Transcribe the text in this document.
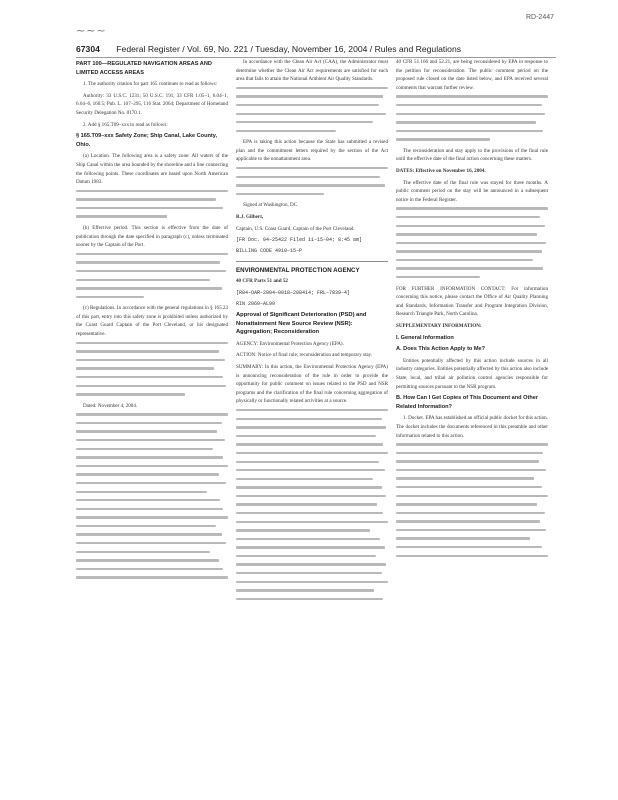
RD-2447
~~~
67304 Federal Register / Vol. 69, No. 221 / Tuesday, November 16, 2004 / Rules and Regulations
PART 100—REGULATED NAVIGATION AREAS AND LIMITED ACCESS AREAS

1. The authority citation for part 165 continues to read as follows:

Authority: 33 U.S.C. 1231; 50 U.S.C. 191, 33 CFR 1.05–1, 6.04–1, 6.04–6, 160.5; Pub. L. 107–295, 116 Stat. 2064; Department of Homeland Security Delegation No. 0170.1.

2. Add § 165.T09–xxx to read as follows:

§ 165.T09–xxx Safety Zone; Ship Canal, Lake County, Ohio.

(a) Location. The following area is a safety zone: All waters of the Ship Canal within the area bounded by the shoreline and a line connecting the following points. These coordinates are based upon North American Datum 1983.

(b) Effective period. This section is effective from the date of publication through the date specified in paragraph (c), unless terminated sooner by the Captain of the Port.

(c) Regulations. In accordance with the general regulations in § 165.23 of this part, entry into this safety zone is prohibited unless authorized by the Coast Guard Captain of the Port Cleveland, or his designated representative.

Dated: November 4, 2004.

In accordance with the Clean Air Act (CAA), the Administrator must determine whether the Clean Air Act requirements are satisfied for each area that fails to attain the National Ambient Air Quality Standards.

EPA is taking this action because the State has submitted a revised plan and the commitment letters required by the section of the Act applicable to the nonattainment area.

Signed at Washington, DC.

R.J. Gilbert,

Captain, U.S. Coast Guard, Captain of the Port Cleveland.

[FR Doc. 04–25422 Filed 11–15–04; 8:45 am]

BILLING CODE 4910–15–P

ENVIRONMENTAL PROTECTION AGENCY

40 CFR Parts 51 and 52

[R04–OAR–2004–0018–200414; FRL–7839–4]

RIN 2060–AL99

Approval of Significant Deterioration (PSD) and Nonattainment New Source Review (NSR): Aggregation; Reconsideration

AGENCY: Environmental Protection Agency (EPA).

ACTION: Notice of final rule; reconsideration and temporary stay.

SUMMARY: In this action, the Environmental Protection Agency (EPA) is announcing reconsideration of the rule in order to provide the opportunity for public comment on issues related to the PSD and NSR programs and the clarification of the final rule concerning aggregation of physically or functionally related activities at a source.

40 CFR 51.166 and 52.21, are being reconsidered by EPA in response to the petition for reconsideration. The public comment period on the proposed rule closed on the date listed below, and EPA received several comments that warrant further review.

The reconsideration and stay apply to the provisions of the final rule until the effective date of the final action concerning these matters.

DATES: Effective on November 16, 2004.

The effective date of the final rule was stayed for three months. A public comment period on the stay will be announced in a subsequent notice in the Federal Register.

FOR FURTHER INFORMATION CONTACT: For information concerning this notice, please contact the Office of Air Quality Planning and Standards, Information Transfer and Program Integration Division, Research Triangle Park, North Carolina.

SUPPLEMENTARY INFORMATION:

I. General Information
A. Does This Action Apply to Me?

Entities potentially affected by this action include sources in all industry categories. Entities potentially affected by this action also include State, local, and tribal air pollution control agencies responsible for permitting sources pursuant to the NSR program.

B. How Can I Get Copies of This Document and Other Related Information?

1. Docket. EPA has established an official public docket for this action. The docket includes the documents referenced in this preamble and other information related to this action.
